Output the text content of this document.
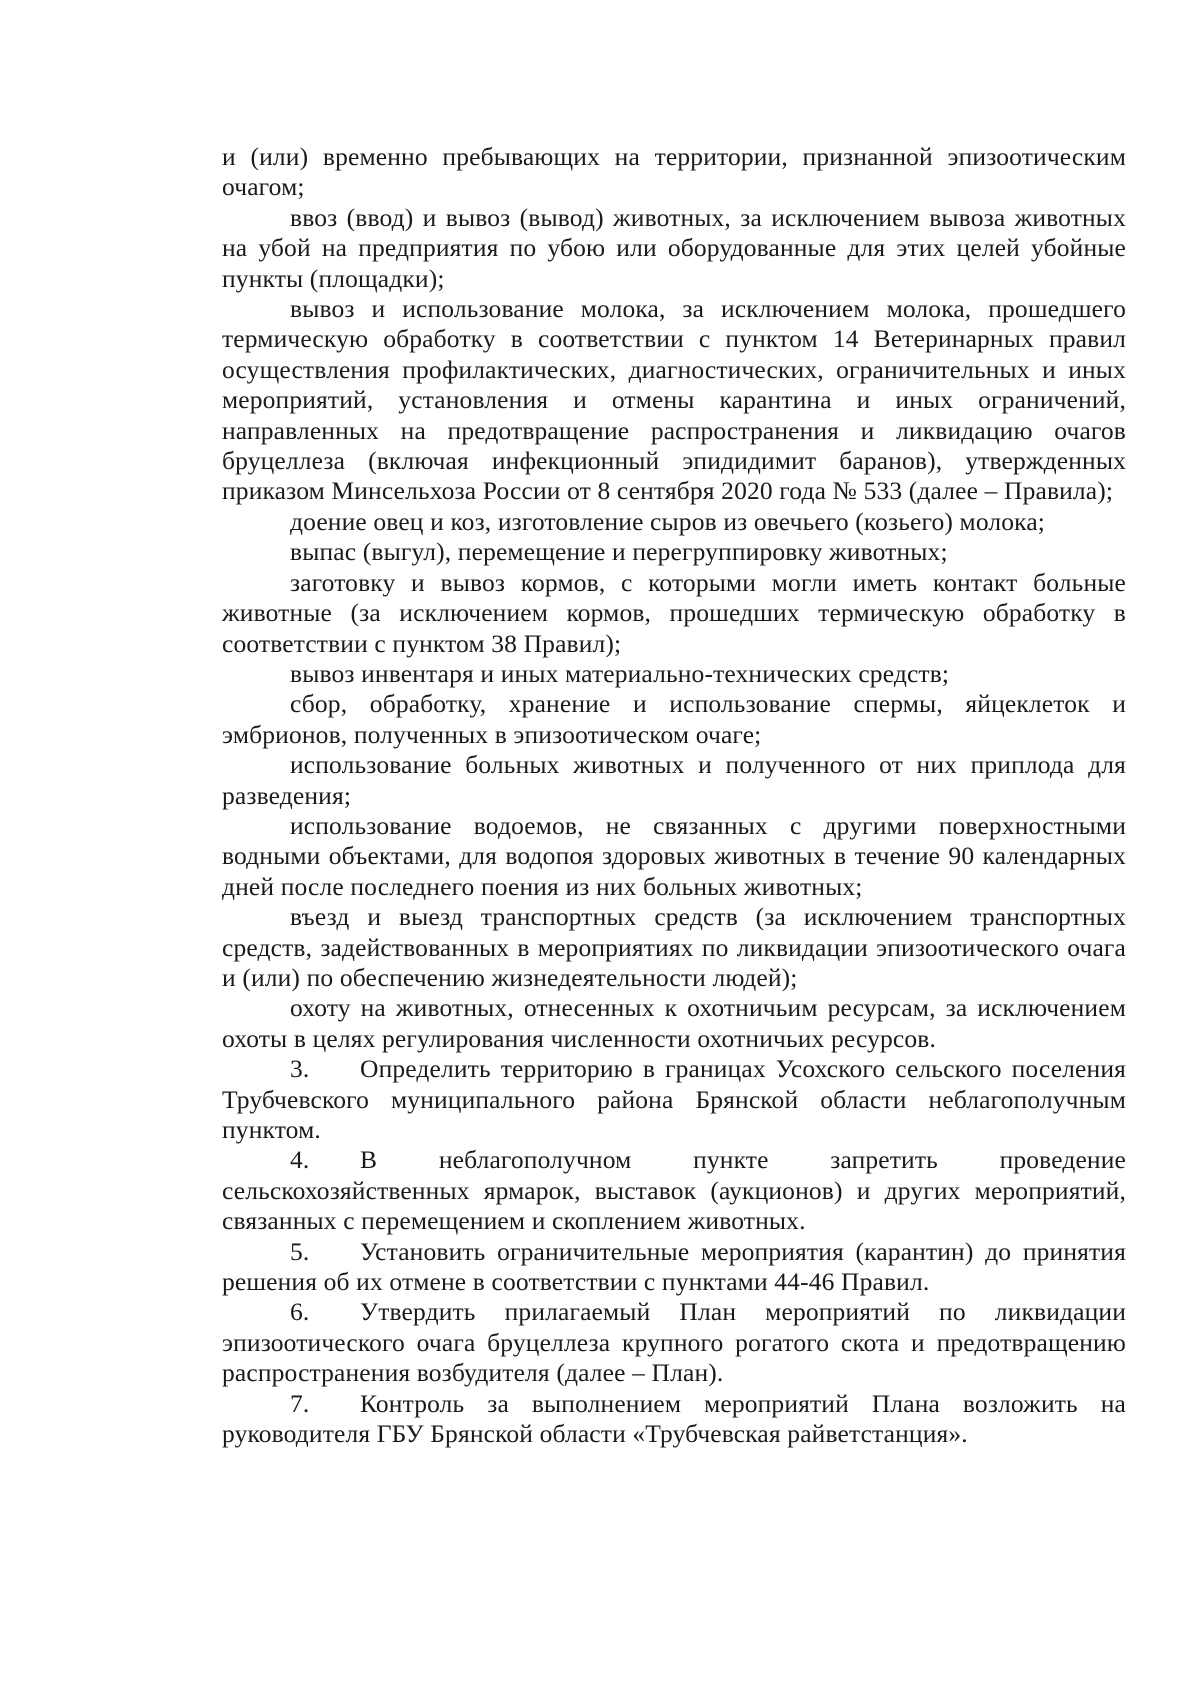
и (или) временно пребывающих на территории, признанной эпизоотическим очагом;

ввоз (ввод) и вывоз (вывод) животных, за исключением вывоза животных на убой на предприятия по убою или оборудованные для этих целей убойные пункты (площадки);

вывоз и использование молока, за исключением молока, прошедшего термическую обработку в соответствии с пунктом 14 Ветеринарных правил осуществления профилактических, диагностических, ограничительных и иных мероприятий, установления и отмены карантина и иных ограничений, направленных на предотвращение распространения и ликвидацию очагов бруцеллеза (включая инфекционный эпидидимит баранов), утвержденных приказом Минсельхоза России от 8 сентября 2020 года № 533 (далее – Правила);

доение овец и коз, изготовление сыров из овечьего (козьего) молока;

выпас (выгул), перемещение и перегруппировку животных;

заготовку и вывоз кормов, с которыми могли иметь контакт больные животные (за исключением кормов, прошедших термическую обработку в соответствии с пунктом 38 Правил);

вывоз инвентаря и иных материально-технических средств;

сбор, обработку, хранение и использование спермы, яйцеклеток и эмбрионов, полученных в эпизоотическом очаге;

использование больных животных и полученного от них приплода для разведения;

использование водоемов, не связанных с другими поверхностными водными объектами, для водопоя здоровых животных в течение 90 календарных дней после последнего поения из них больных животных;

въезд и выезд транспортных средств (за исключением транспортных средств, задействованных в мероприятиях по ликвидации эпизоотического очага и (или) по обеспечению жизнедеятельности людей);

охоту на животных, отнесенных к охотничьим ресурсам, за исключением охоты в целях регулирования численности охотничьих ресурсов.

3. Определить территорию в границах Усохского сельского поселения Трубчевского муниципального района Брянской области неблагополучным пунктом.

4. В неблагополучном пункте запретить проведение сельскохозяйственных ярмарок, выставок (аукционов) и других мероприятий, связанных с перемещением и скоплением животных.

5. Установить ограничительные мероприятия (карантин) до принятия решения об их отмене в соответствии с пунктами 44-46 Правил.

6. Утвердить прилагаемый План мероприятий по ликвидации эпизоотического очага бруцеллеза крупного рогатого скота и предотвращению распространения возбудителя (далее – План).

7. Контроль за выполнением мероприятий Плана возложить на руководителя ГБУ Брянской области «Трубчевская райветстанция».
